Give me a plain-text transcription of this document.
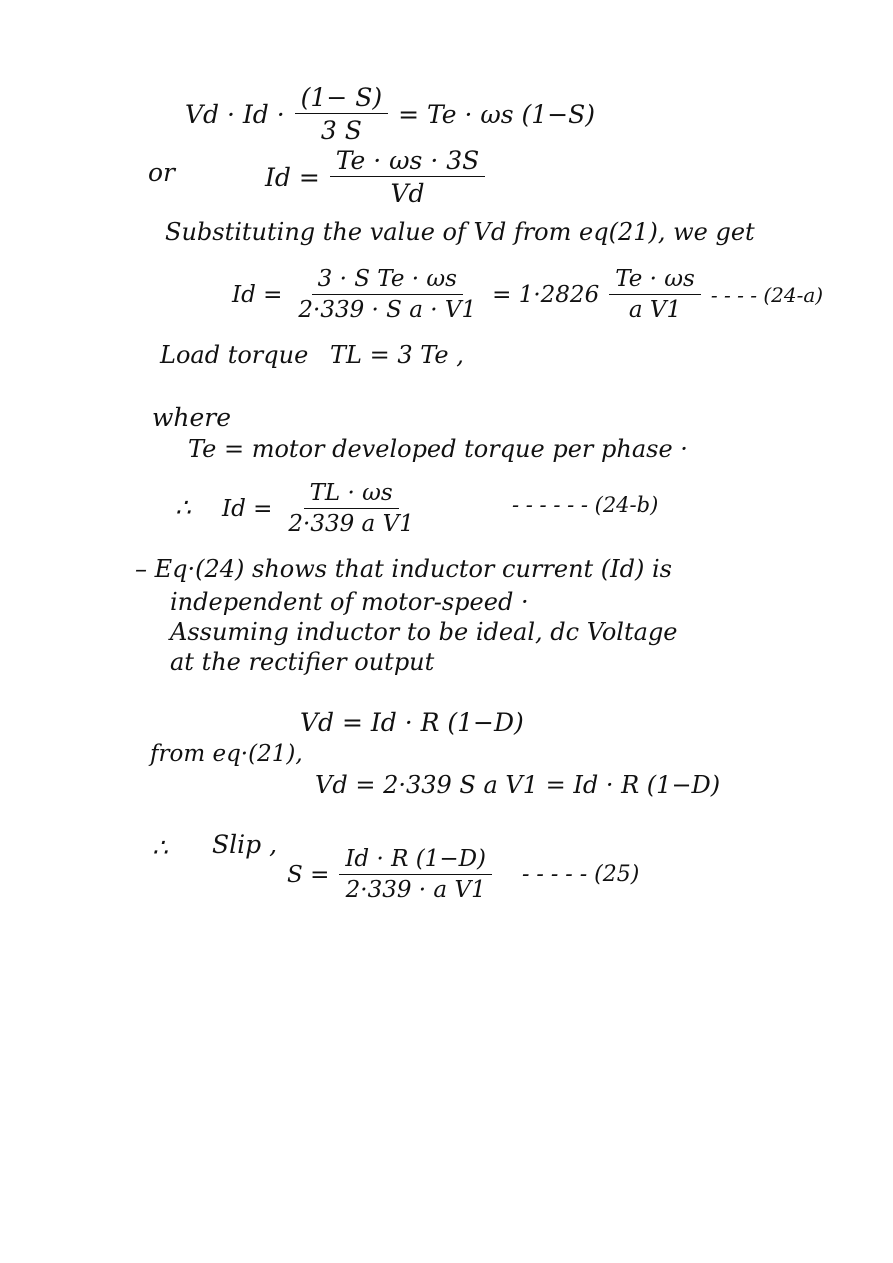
$Vd \cdot Id \cdot \frac{(1- S)}{3 S} = Te \cdot \omega s$ (1−S)
or	$Id = \frac{Te \cdot \omega s \cdot 3S}{Vd}$
Substituting the value of Vd from eq(21), we get
$Id = \frac{\text{3 · S Te · ωs}}{\text{2·339 · S a · V1}} = 1\cdot 2826 \frac{Te \cdot \omega s}{\text{a V1}}$ - - - - (24-a)
Load torque TL = 3 Te ,
where
Te = motor developed torque per phase ·
∴ $Id = \frac{TL \cdot \omega s}{\text{2·339 a V1}}$	- - - - - - (24-b)
– Eq·(24) shows that inductor current (Id) is
independent of motor-speed ·
Assuming inductor to be ideal, dc Voltage
at the rectifier output
Vd = Id · R (1−D)
from eq·(21),
Vd = 2·339 S a V1 = Id · R (1−D)
∴ Slip ,
$S = \frac{Id \cdot R (1-D)}{\text{2·339 · a V1}}$ - - - - - (25)
